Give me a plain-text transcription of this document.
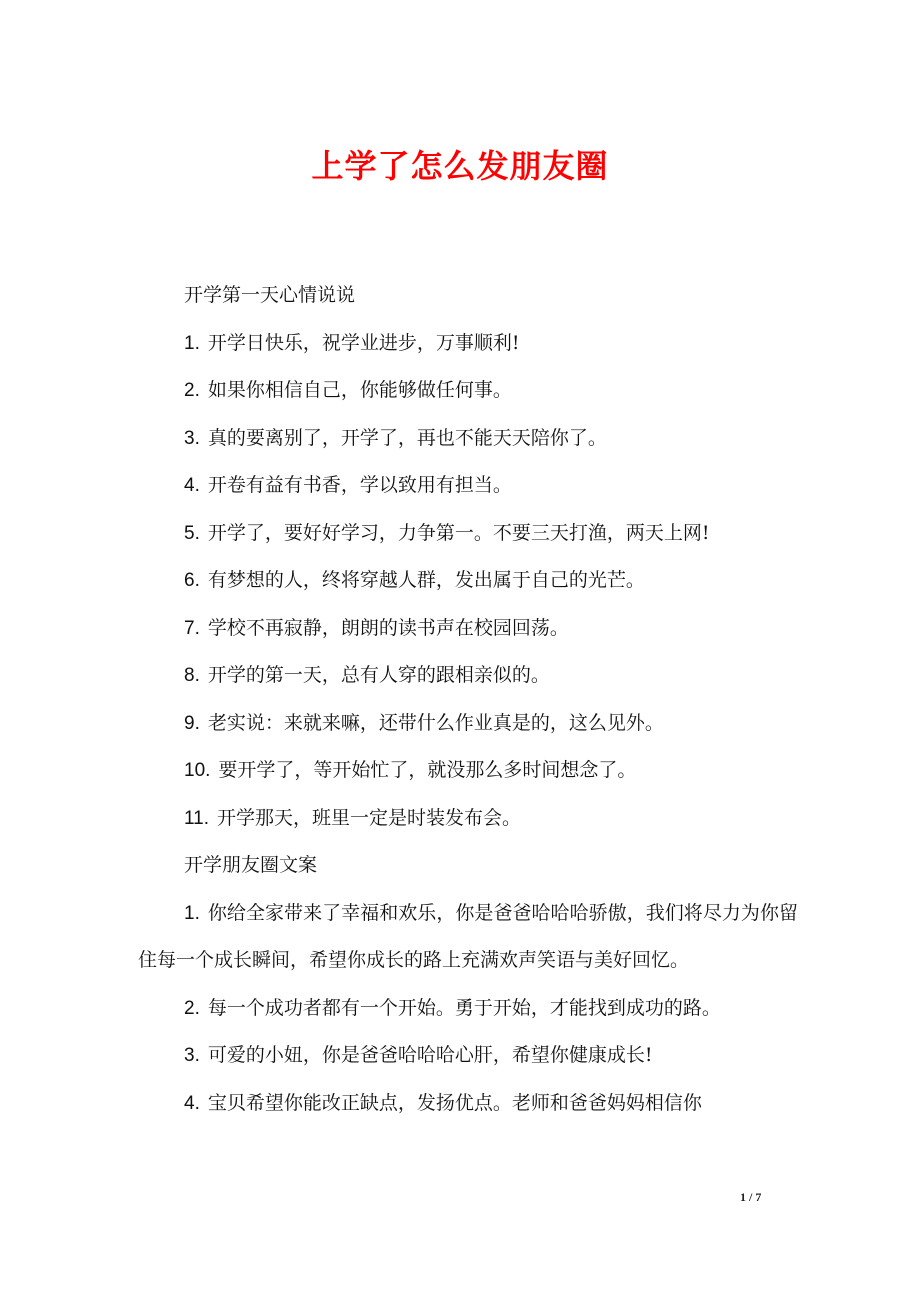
上学了怎么发朋友圈
开学第一天心情说说
1. 开学日快乐，祝学业进步，万事顺利!
2. 如果你相信自己，你能够做任何事。
3. 真的要离别了，开学了，再也不能天天陪你了。
4. 开卷有益有书香，学以致用有担当。
5. 开学了，要好好学习，力争第一。不要三天打渔，两天上网!
6. 有梦想的人，终将穿越人群，发出属于自己的光芒。
7. 学校不再寂静，朗朗的读书声在校园回荡。
8. 开学的第一天，总有人穿的跟相亲似的。
9. 老实说：来就来嘛，还带什么作业真是的，这么见外。
10. 要开学了，等开始忙了，就没那么多时间想念了。
11. 开学那天，班里一定是时装发布会。
开学朋友圈文案

1. 你给全家带来了幸福和欢乐，你是爸爸哈哈哈骄傲，我们将尽力为你留住每一个成长瞬间，希望你成长的路上充满欢声笑语与美好回忆。

2. 每一个成功者都有一个开始。勇于开始，才能找到成功的路。
3. 可爱的小妞，你是爸爸哈哈哈心肝，希望你健康成长!
4. 宝贝希望你能改正缺点，发扬优点。老师和爸爸妈妈相信你
1 / 7
